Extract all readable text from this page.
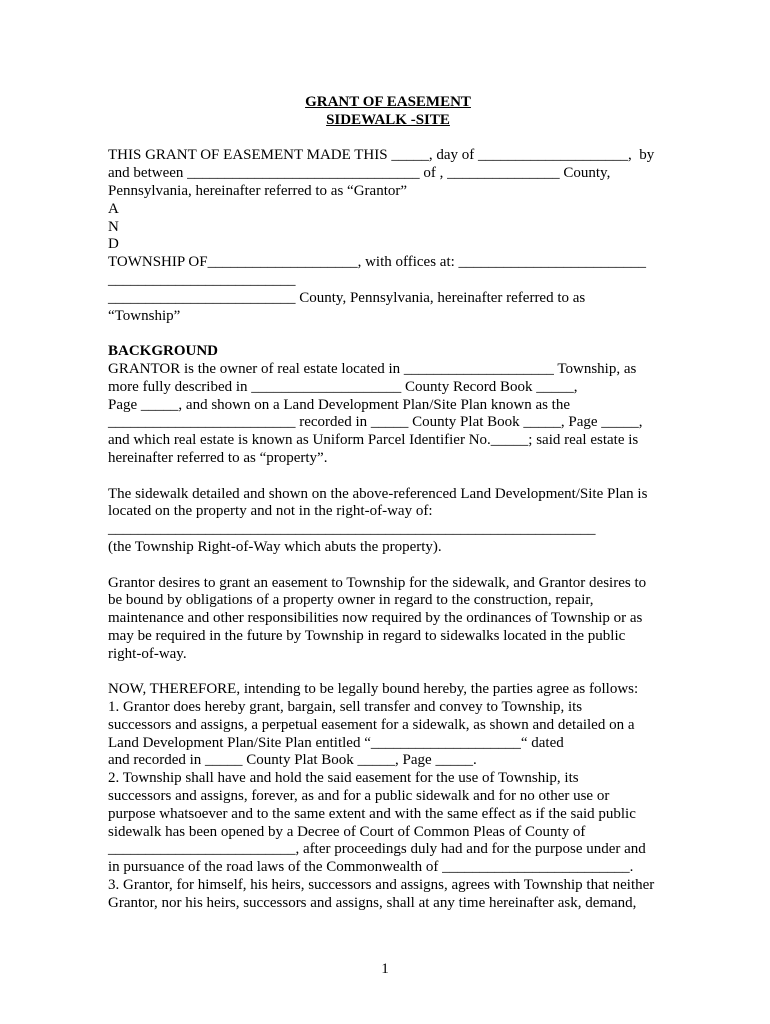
GRANT OF EASEMENT
SIDEWALK -SITE

THIS GRANT OF EASEMENT MADE THIS _____, day of ____________________,  by

and between _______________________________ of , _______________ County,

Pennsylvania, hereinafter referred to as “Grantor”

A

N

D

TOWNSHIP OF____________________, with offices at: _________________________

_________________________

_________________________ County, Pennsylvania, hereinafter referred to as

“Township”

BACKGROUND

GRANTOR is the owner of real estate located in ____________________ Township, as

more fully described in ____________________ County Record Book _____,

Page _____, and shown on a Land Development Plan/Site Plan known as the

_________________________ recorded in _____ County Plat Book _____, Page _____,

and which real estate is known as Uniform Parcel Identifier No._____; said real estate is

hereinafter referred to as “property”.

The sidewalk detailed and shown on the above-referenced Land Development/Site Plan is

located on the property and not in the right-of-way of:

_________________________________________________________________

(the Township Right-of-Way which abuts the property).

Grantor desires to grant an easement to Township for the sidewalk, and Grantor desires to

be bound by obligations of a property owner in regard to the construction, repair,

maintenance and other responsibilities now required by the ordinances of Township or as

may be required in the future by Township in regard to sidewalks located in the public

right-of-way.

NOW, THEREFORE, intending to be legally bound hereby, the parties agree as follows:

1. Grantor does hereby grant, bargain, sell transfer and convey to Township, its

successors and assigns, a perpetual easement for a sidewalk, as shown and detailed on a

Land Development Plan/Site Plan entitled “____________________“ dated

and recorded in _____ County Plat Book _____, Page _____.

2. Township shall have and hold the said easement for the use of Township, its

successors and assigns, forever, as and for a public sidewalk and for no other use or

purpose whatsoever and to the same extent and with the same effect as if the said public

sidewalk has been opened by a Decree of Court of Common Pleas of County of

_________________________, after proceedings duly had and for the purpose under and

in pursuance of the road laws of the Commonwealth of _________________________.

3. Grantor, for himself, his heirs, successors and assigns, agrees with Township that neither

Grantor, nor his heirs, successors and assigns, shall at any time hereinafter ask, demand,

1
